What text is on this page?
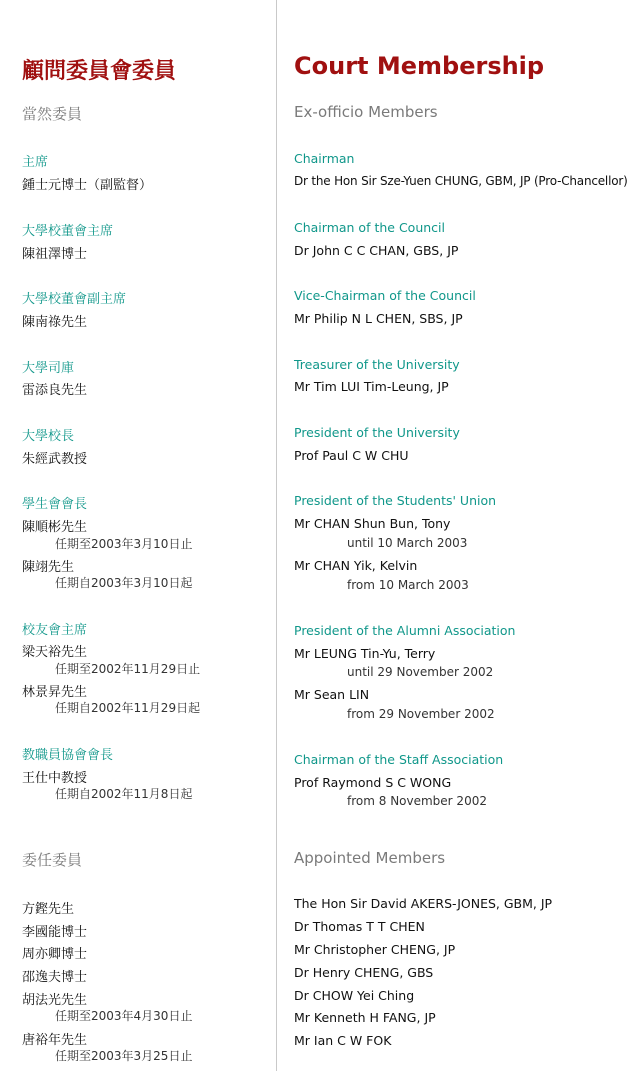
顧問委員會委員
當然委員
主席
鍾士元博士（副監督）
大學校董會主席
陳祖澤博士
大學校董會副主席
陳南祿先生
大學司庫
雷添良先生
大學校長
朱經武教授
學生會會長
陳順彬先生
任期至2003年3月10日止
陳翊先生
任期自2003年3月10日起
校友會主席
梁天裕先生
任期至2002年11月29日止
林景昇先生
任期自2002年11月29日起
教職員協會會長
王仕中教授
任期自2002年11月8日起
委任委員
方鏗先生
李國能博士
周亦卿博士
邵逸夫博士
胡法光先生
任期至2003年4月30日止
唐裕年先生
任期至2003年3月25日止
Court Membership
Ex-officio Members
Chairman
Dr the Hon Sir Sze-Yuen CHUNG, GBM, JP (Pro-Chancellor)
Chairman of the Council
Dr John C C CHAN, GBS, JP
Vice-Chairman of the Council
Mr Philip N L CHEN, SBS, JP
Treasurer of the University
Mr Tim LUI Tim-Leung, JP
President of the University
Prof Paul C W CHU
President of the Students' Union
Mr CHAN Shun Bun, Tony
until 10 March 2003
Mr CHAN Yik, Kelvin
from 10 March 2003
President of the Alumni Association
Mr LEUNG Tin-Yu, Terry
until 29 November 2002
Mr Sean LIN
from 29 November 2002
Chairman of the Staff Association
Prof Raymond S C WONG
from 8 November 2002
Appointed Members
The Hon Sir David AKERS-JONES, GBM, JP
Dr Thomas T T CHEN
Mr Christopher CHENG, JP
Dr Henry CHENG, GBS
Dr CHOW Yei Ching
Mr Kenneth H FANG, JP
Mr Ian C W FOK
